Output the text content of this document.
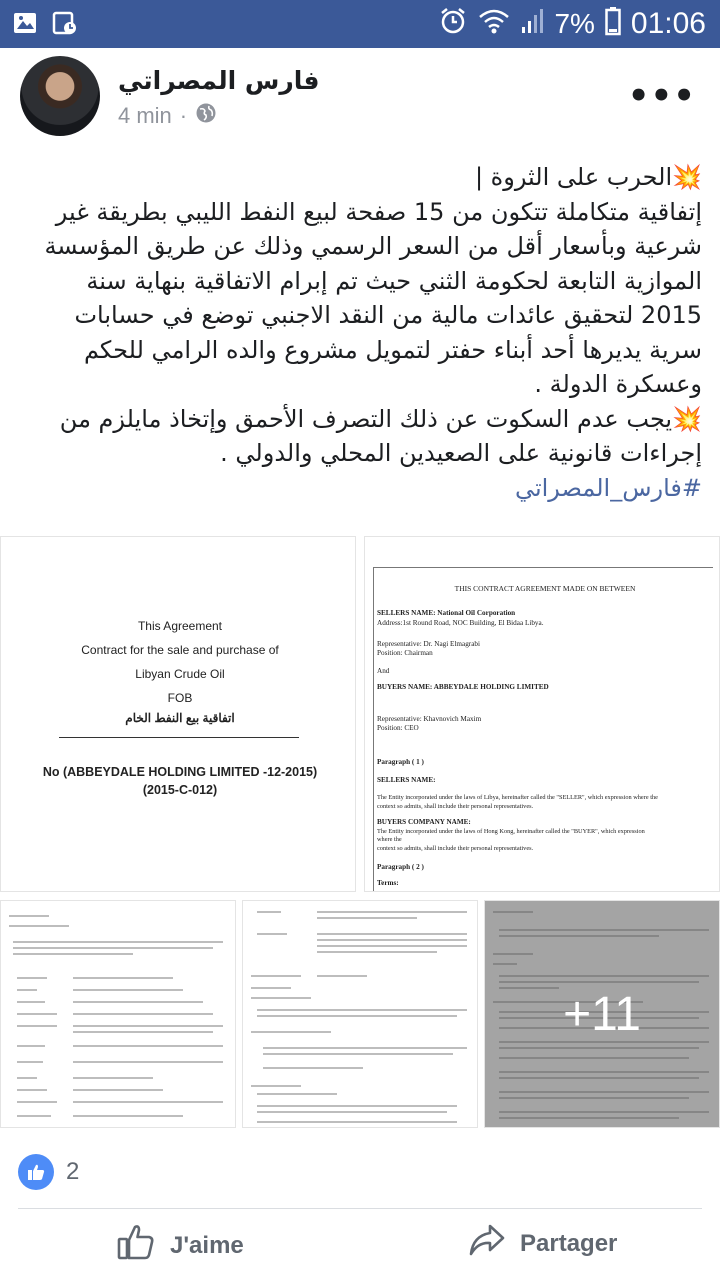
7% 01:06
فارس المصراتي
4 min ·	•••

💥الحرب على الثروة |

إتفاقية متكاملة تتكون من 15 صفحة لبيع النفط الليبي بطريقة غير

شرعية وبأسعار أقل من السعر الرسمي وذلك عن طريق المؤسسة

الموازية التابعة لحكومة الثني حيث تم إبرام الاتفاقية بنهاية سنة

2015 لتحقيق عائدات مالية من النقد الاجنبي توضع في حسابات

سرية يديرها أحد أبناء حفتر لتمويل مشروع والده الرامي للحكم

وعسكرة الدولة .

💥يجب عدم السكوت عن ذلك التصرف الأحمق وإتخاذ مايلزم من

إجراءات قانونية على الصعيدين المحلي والدولي .

#فارس_المصراتي

This Agreement
Contract for the sale and purchase of
Libyan Crude Oil
FOB
اتفاقية بيع النفط الخام
No (ABBEYDALE HOLDING LIMITED -12-2015)
(2015-C-012)
THIS CONTRACT AGREEMENT MADE ON BETWEEN
SELLERS NAME: National Oil Corporation
Address:1st Round Road, NOC Building, El Bidaa Libya.
Representative: Dr. Nagi Elmagrabi
Position: Chairman
And
BUYERS NAME: ABBEYDALE HOLDING LIMITED
Representative: Khavnovich Maxim
Position: CEO
Paragraph ( 1 )
SELLERS NAME:
The Entity incorporated under the laws of Libya, hereinafter called the "SELLER", which expression where the
context so admits, shall include their personal representatives.
BUYERS COMPANY NAME:
The Entity incorporated under the laws of Hong Kong, hereinafter called the "BUYER", which expression
where the
context so admits, shall include their personal representatives.
Paragraph ( 2 )
Terms:
+11
2
J'aime	Partager
